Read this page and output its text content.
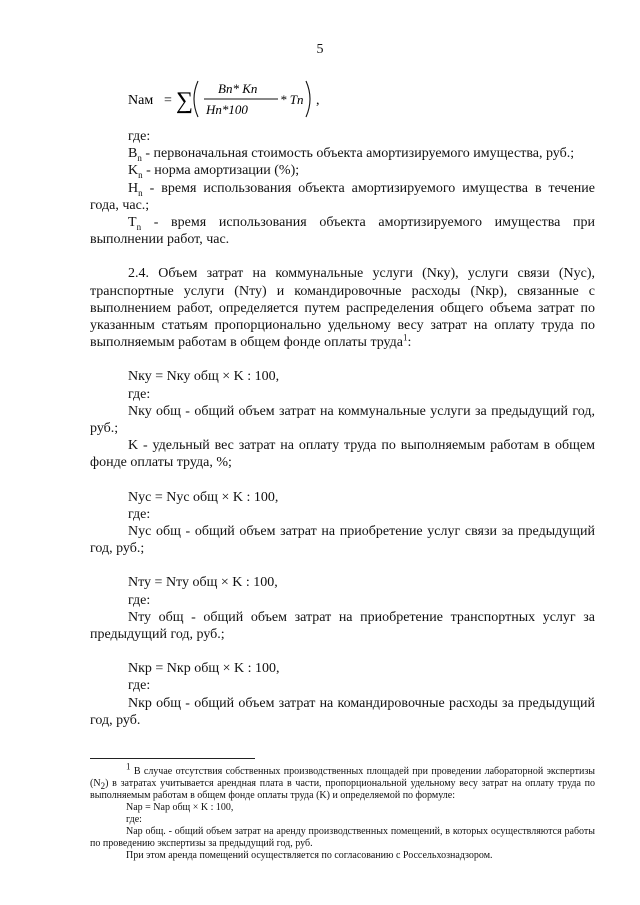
5
Nам = ∑ Bn* Kn
Hn*100
* Tn ,

где:

$B_n$ - первоначальная стоимость объекта амортизируемого имущества, руб.;

$K_n$ - норма амортизации (%);

$H_n$ - время использования объекта амортизируемого имущества в течение года, час.;

$T_n$ - время использования объекта амортизируемого имущества при выполнении работ, час.

2.4. Объем затрат на коммунальные услуги (Nку), услуги связи (Nус), транспортные услуги (Nту) и командировочные расходы (Nкр), связанные с выполнением работ, определяется путем распределения общего объема затрат по указанным статьям пропорционально удельному весу затрат на оплату труда по выполняемым работам в общем фонде оплаты труда$^1$:

Nку = Nку общ × K : 100,

где:

Nку общ - общий объем затрат на коммунальные услуги за предыдущий год, руб.;

K - удельный вес затрат на оплату труда по выполняемым работам в общем фонде оплаты труда, %;

Nус = Nус общ × K : 100,

где:

Nус общ - общий объем затрат на приобретение услуг связи за предыдущий год, руб.;

Nту = Nту общ × K : 100,

где:

Nту общ - общий объем затрат на приобретение транспортных услуг за предыдущий год, руб.;

Nкр = Nкр общ × K : 100,

где:

Nкр общ - общий объем затрат на командировочные расходы за предыдущий год, руб.

$^1$ В случае отсутствия собственных производственных площадей при проведении лабораторной экспертизы $(N_2)$ в затратах учитывается арендная плата в части, пропорциональной удельному весу затрат на оплату труда по выполняемым работам в общем фонде оплаты труда (K) и определяемой по формуле:

Nар = Nар общ × K : 100,

где:

Nар общ. - общий объем затрат на аренду производственных помещений, в которых осуществляются работы по проведению экспертизы за предыдущий год, руб.

При этом аренда помещений осуществляется по согласованию с Россельхознадзором.
